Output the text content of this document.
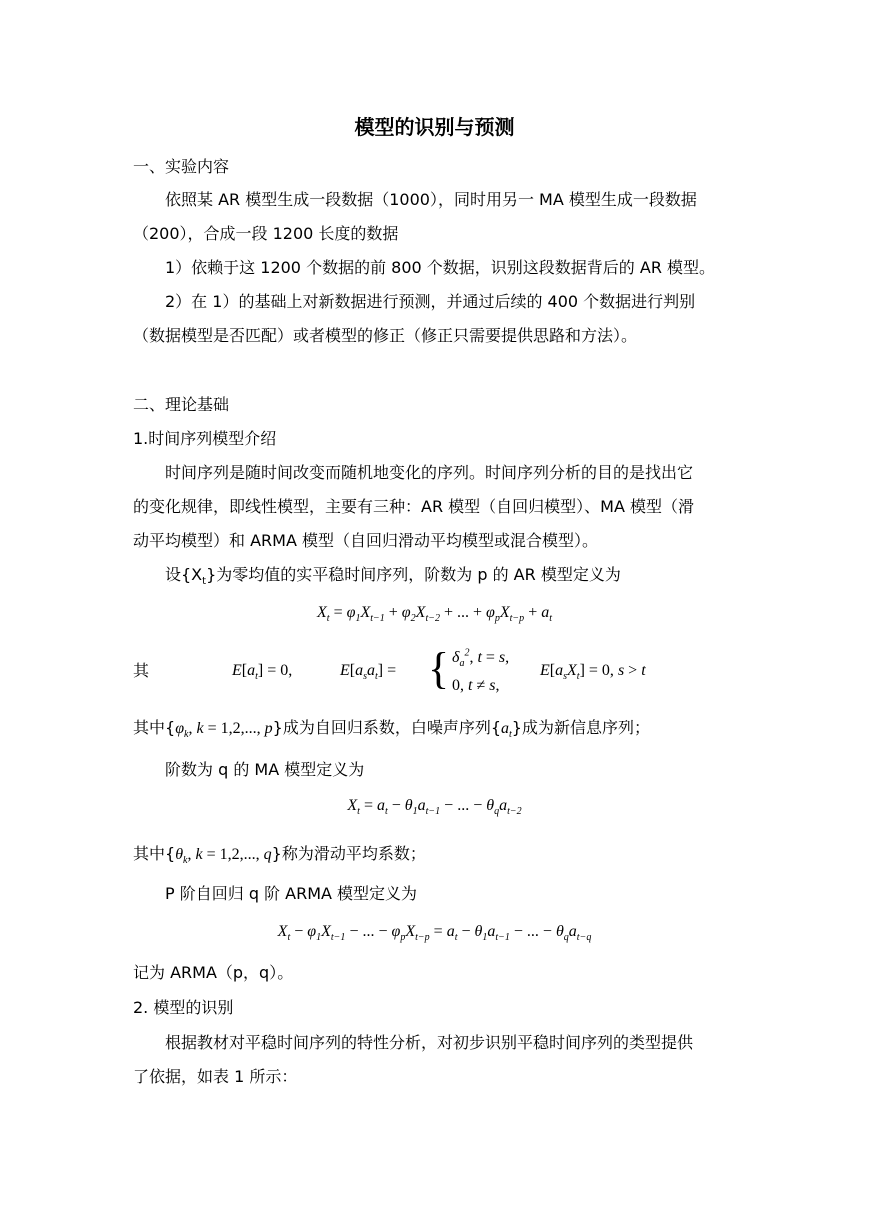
模型的识别与预测
一、实验内容
依照某 AR 模型生成一段数据（1000），同时用另一 MA 模型生成一段数据
（200），合成一段 1200 长度的数据
1）依赖于这 1200 个数据的前 800 个数据，识别这段数据背后的 AR 模型。
2）在 1）的基础上对新数据进行预测，并通过后续的 400 个数据进行判别
（数据模型是否匹配）或者模型的修正（修正只需要提供思路和方法）。
二、理论基础
1.时间序列模型介绍
时间序列是随时间改变而随机地变化的序列。时间序列分析的目的是找出它
的变化规律，即线性模型，主要有三种：AR 模型（自回归模型）、MA 模型（滑
动平均模型）和 ARMA 模型（自回归滑动平均模型或混合模型）。
设$\{X_t\}$为零均值的实平稳时间序列，阶数为 p 的 AR 模型定义为
$X_t = \varphi_1X_{t-1} + \varphi_2X_{t-2}$ + ... + $\varphi_pX_{t-p} + a_t$
其	$E[a_t] = 0$,	$E[a_sa_t]$ = { $\delta_a^2$, t = s,
0, t ≠ s,
$E[a_sX_t] = 0$, s > t
其中{$\varphi_k$, k = 1,2,..., p}成为自回归系数，白噪声序列$\{a_t\}$成为新信息序列；
阶数为 q 的 MA 模型定义为
$X_t = a_t - \theta_1a_{t-1}$ − ... − $\theta_qa_{t-2}$
其中{$\theta_k$, k = 1,2,..., q}称为滑动平均系数；
P 阶自回归 q 阶 ARMA 模型定义为
$X_t - \varphi_1X_{t-1}$ − ... − $\varphi_pX_{t-p} = a_t - \theta_1a_{t-1}$ − ... − $\theta_qa_{t-q}$
记为 ARMA（p，q）。
2. 模型的识别
根据教材对平稳时间序列的特性分析，对初步识别平稳时间序列的类型提供
了依据，如表 1 所示：
